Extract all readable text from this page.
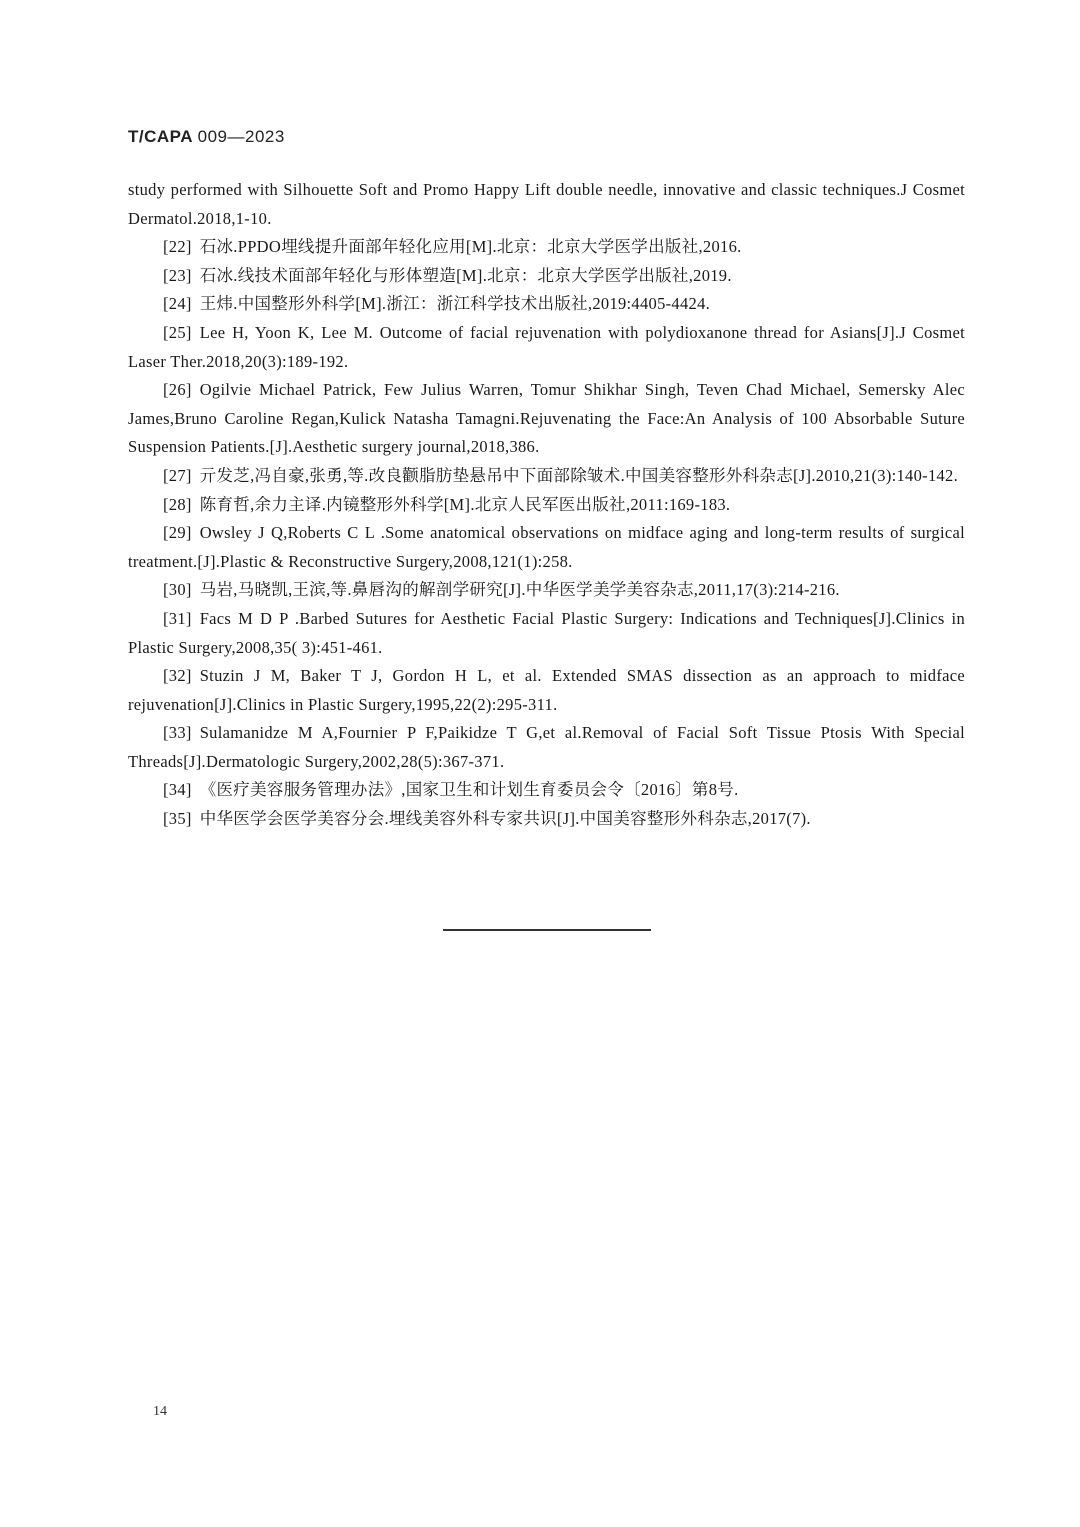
T/CAPA 009—2023

study performed with Silhouette Soft and Promo Happy Lift double needle, innovative and classic techniques.J Cosmet Dermatol.2018,1-10.

[22] 石冰.PPDO埋线提升面部年轻化应用[M].北京：北京大学医学出版社,2016.

[23] 石冰.线技术面部年轻化与形体塑造[M].北京：北京大学医学出版社,2019.

[24] 王炜.中国整形外科学[M].浙江：浙江科学技术出版社,2019:4405-4424.

[25] Lee H, Yoon K, Lee M. Outcome of facial rejuvenation with polydioxanone thread for Asians[J].J Cosmet Laser Ther.2018,20(3):189-192.

[26] Ogilvie Michael Patrick, Few Julius Warren, Tomur Shikhar Singh, Teven Chad Michael, Semersky Alec James,Bruno Caroline Regan,Kulick Natasha Tamagni.Rejuvenating the Face:An Analysis of 100 Absorbable Suture Suspension Patients.[J].Aesthetic surgery journal,2018,386.

[27] 亓发芝,冯自豪,张勇,等.改良颧脂肪垫悬吊中下面部除皱术.中国美容整形外科杂志[J].2010,21(3):140-142.

[28] 陈育哲,余力主译.内镜整形外科学[M].北京人民军医出版社,2011:169-183.

[29] Owsley J Q,Roberts C L .Some anatomical observations on midface aging and long-term results of surgical treatment.[J].Plastic & Reconstructive Surgery,2008,121(1):258.

[30] 马岩,马晓凯,王滨,等.鼻唇沟的解剖学研究[J].中华医学美学美容杂志,2011,17(3):214-216.

[31] Facs M D P .Barbed Sutures for Aesthetic Facial Plastic Surgery: Indications and Techniques[J].Clinics in Plastic Surgery,2008,35( 3):451-461.

[32] Stuzin J M, Baker T J, Gordon H L, et al. Extended SMAS dissection as an approach to midface rejuvenation[J].Clinics in Plastic Surgery,1995,22(2):295-311.

[33] Sulamanidze M A,Fournier P F,Paikidze T G,et al.Removal of Facial Soft Tissue Ptosis With Special Threads[J].Dermatologic Surgery,2002,28(5):367-371.

[34] 《医疗美容服务管理办法》,国家卫生和计划生育委员会令〔2016〕第8号.

[35] 中华医学会医学美容分会.埋线美容外科专家共识[J].中国美容整形外科杂志,2017(7).

14
